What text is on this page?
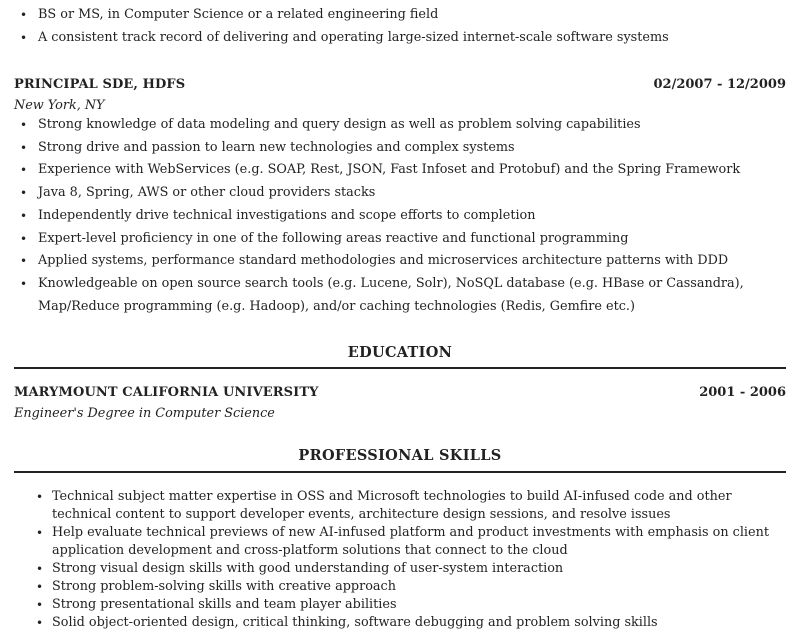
• BS or MS, in Computer Science or a related engineering field
• A consistent track record of delivering and operating large-sized internet-scale software systems
PRINCIPAL SDE, HDFS	02/2007 - 12/2009
New York, NY
• Strong knowledge of data modeling and query design as well as problem solving capabilities
• Strong drive and passion to learn new technologies and complex systems
• Experience with WebServices (e.g. SOAP, Rest, JSON, Fast Infoset and Protobuf) and the Spring Framework
• Java 8, Spring, AWS or other cloud providers stacks
• Independently drive technical investigations and scope efforts to completion
• Expert-level proficiency in one of the following areas reactive and functional programming
• Applied systems, performance standard methodologies and microservices architecture patterns with DDD
• Knowledgeable on open source search tools (e.g. Lucene, Solr), NoSQL database (e.g. HBase or Cassandra), Map/Reduce programming (e.g. Hadoop), and/or caching technologies (Redis, Gemfire etc.)
EDUCATION
MARYMOUNT CALIFORNIA UNIVERSITY	2001 - 2006
Engineer's Degree in Computer Science
PROFESSIONAL SKILLS
• Technical subject matter expertise in OSS and Microsoft technologies to build AI-infused code and other technical content to support developer events, architecture design sessions, and resolve issues
• Help evaluate technical previews of new AI-infused platform and product investments with emphasis on client application development and cross-platform solutions that connect to the cloud
• Strong visual design skills with good understanding of user-system interaction
• Strong problem-solving skills with creative approach
• Strong presentational skills and team player abilities
• Solid object-oriented design, critical thinking, software debugging and problem solving skills
